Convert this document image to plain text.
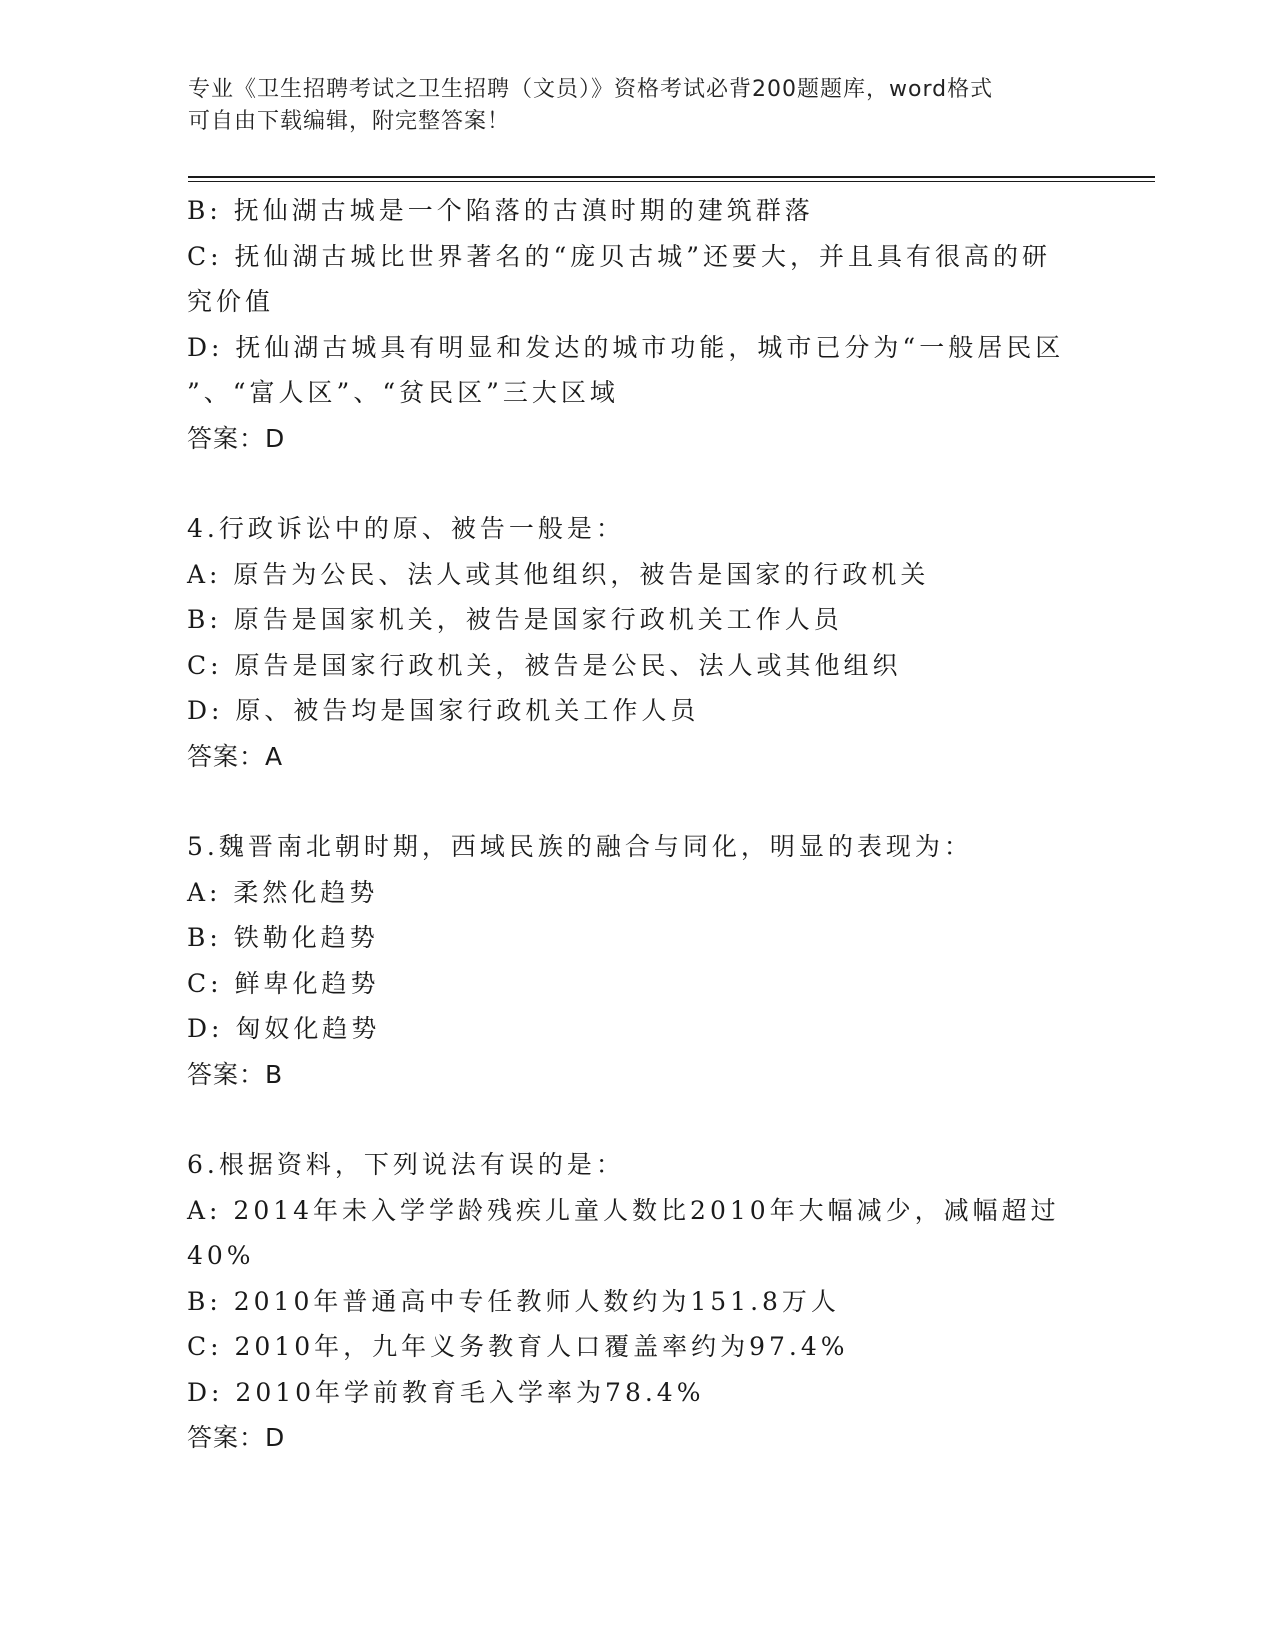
专业《卫生招聘考试之卫生招聘（文员）》资格考试必背200题题库，word格式
可自由下载编辑，附完整答案！
B: 抚仙湖古城是一个陷落的古滇时期的建筑群落
C: 抚仙湖古城比世界著名的“庞贝古城”还要大，并且具有很高的研
究价值
D: 抚仙湖古城具有明显和发达的城市功能，城市已分为“一般居民区
”、“富人区”、“贫民区”三大区域
答案：D
4.行政诉讼中的原、被告一般是：
A: 原告为公民、法人或其他组织，被告是国家的行政机关
B: 原告是国家机关，被告是国家行政机关工作人员
C: 原告是国家行政机关，被告是公民、法人或其他组织
D: 原、被告均是国家行政机关工作人员
答案：A
5.魏晋南北朝时期，西域民族的融合与同化，明显的表现为：
A: 柔然化趋势
B: 铁勒化趋势
C: 鲜卑化趋势
D: 匈奴化趋势
答案：B
6.根据资料，下列说法有误的是：
A: 2014年未入学学龄残疾儿童人数比2010年大幅减少，减幅超过
40%
B: 2010年普通高中专任教师人数约为151.8万人
C: 2010年，九年义务教育人口覆盖率约为97.4%
D: 2010年学前教育毛入学率为78.4%
答案：D
